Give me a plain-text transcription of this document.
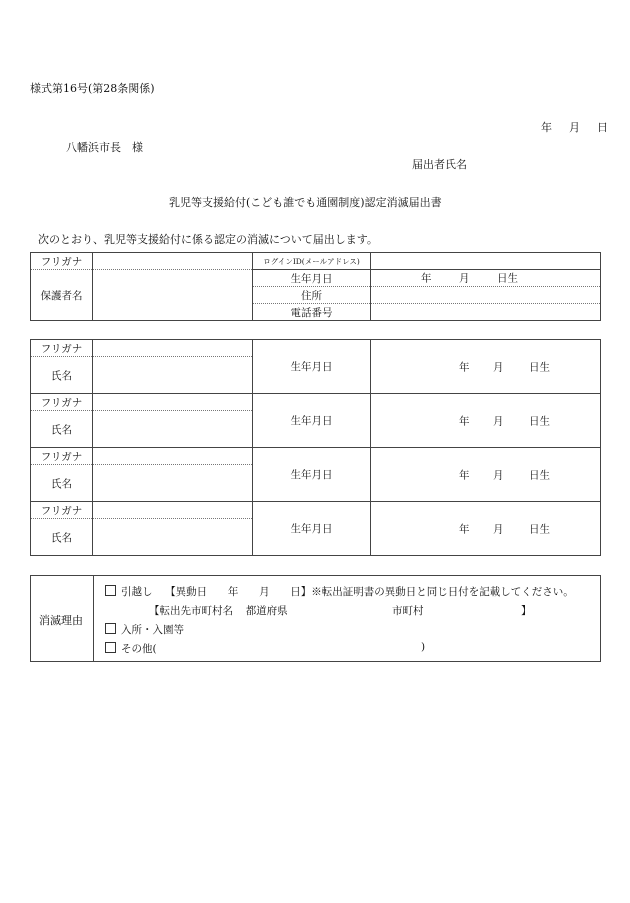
様式第16号(第28条関係)
年 月 日
八幡浜市長　様
届出者氏名
乳児等支援給付(こども誰でも通園制度)認定消滅届出書
次のとおり、乳児等支援給付に係る認定の消滅について届出します。
フリガナ		ログインID(メールアドレス)	
保護者名		生年月日	年 月 日生

		住所	
		電話番号	
フリガナ		生年月日	年 月 日生

氏名			
フリガナ		生年月日	年 月 日生

氏名			
フリガナ		生年月日	年 月 日生

氏名			
フリガナ		生年月日	年 月 日生

氏名			
消滅理由
引越し 【異動日 年 月 日】※転出証明書の異動日と同じ日付を記載してください。
【転出先市町村名 都道府県	市町村	】
入所・入園等
その他(	)
